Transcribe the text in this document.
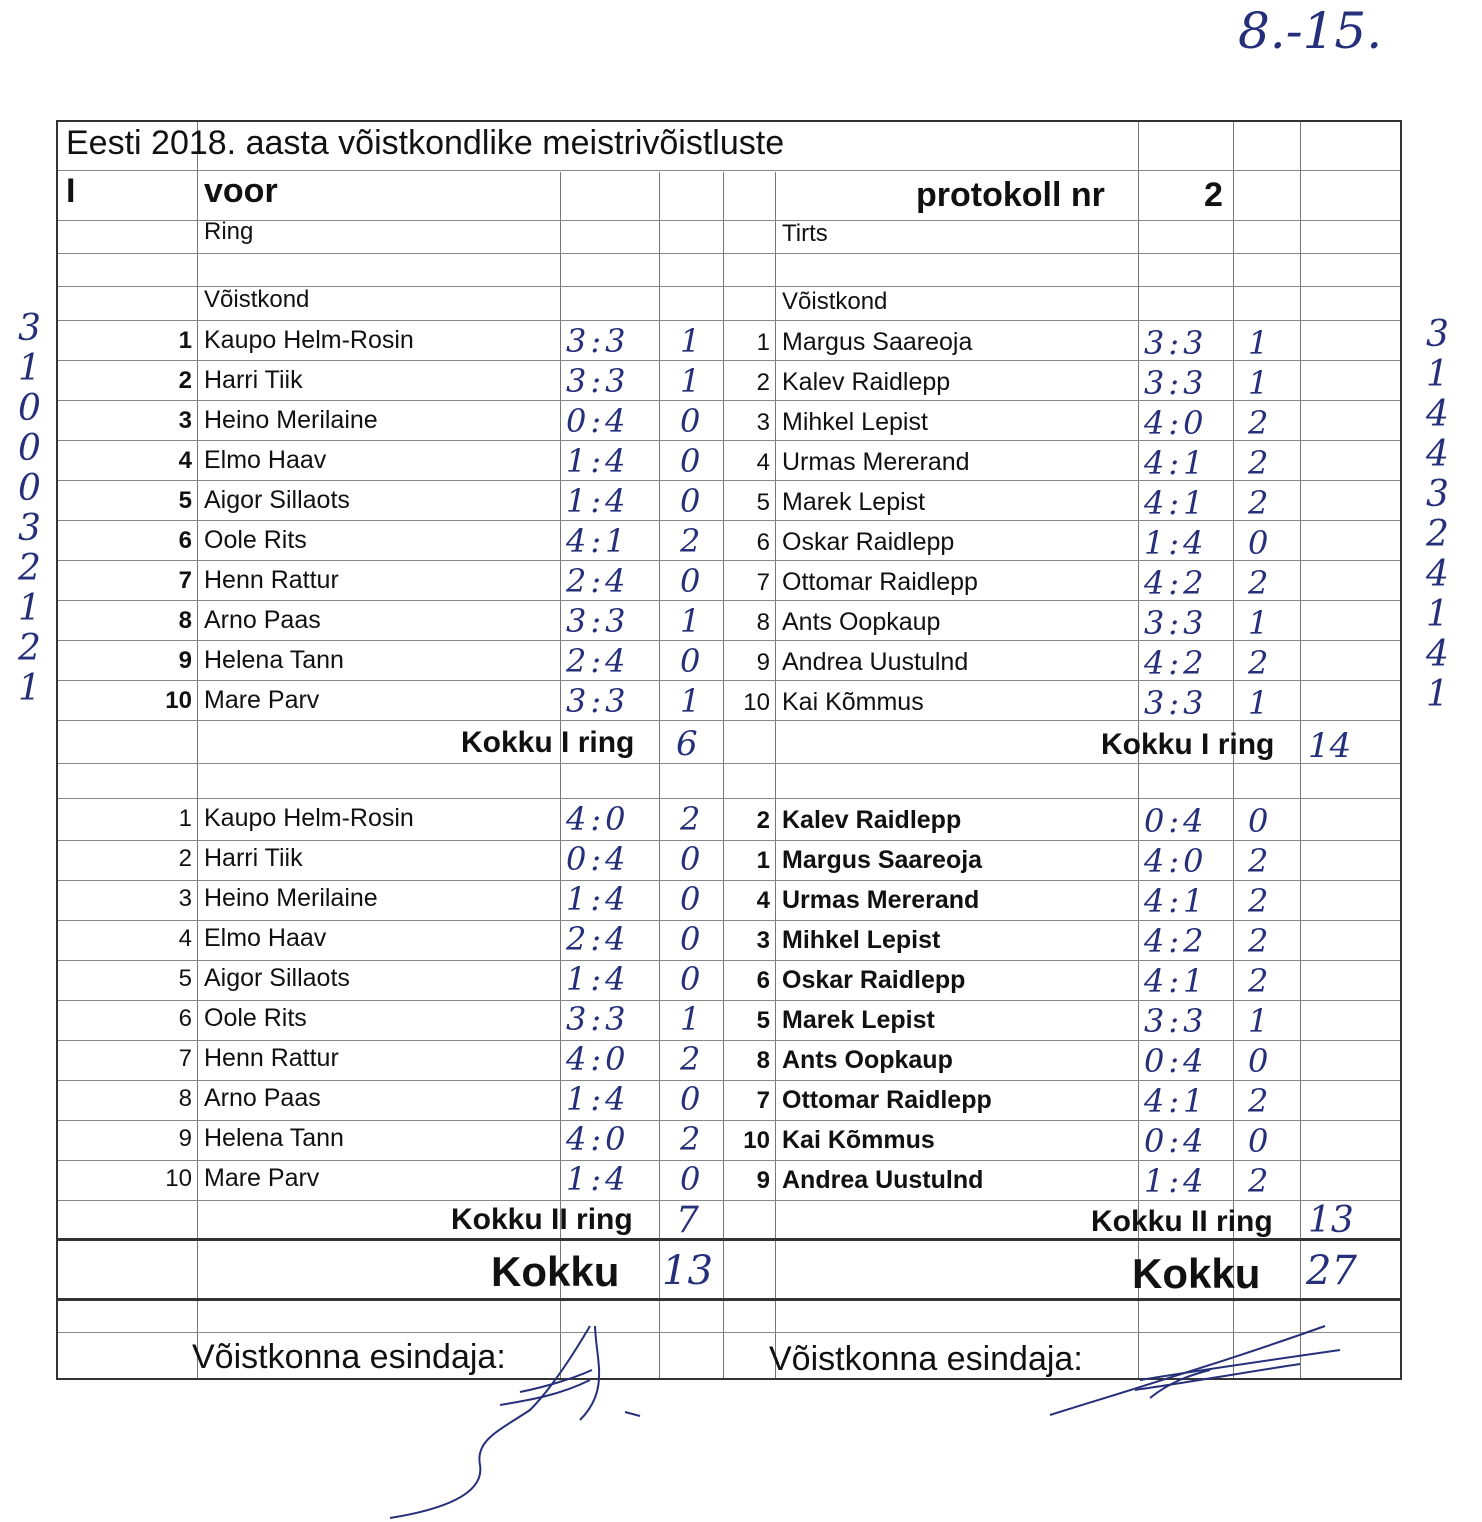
8.-15.
3
1
0
0
0
3
2
1
2
1
3
1
4
4
3
2
4
1
4
1
Eesti 2018. aasta võistkondlike meistrivõistluste
I	voor	protokoll nr	2
Ring	Tirts
Võistkond	Võistkond
1 Kaupo Helm-Rosin	3:3 1
2 Harri Tiik	3:3 1
3 Heino Merilaine	0:4 0
4 Elmo Haav	1:4 0
5 Aigor Sillaots	1:4 0
6 Oole Rits	4:1 2
7 Henn Rattur	2:4 0
8 Arno Paas	3:3 1
9 Helena Tann	2:4 0
10 Mare Parv	3:3 1
1 Margus Saareoja	3:3 1
2 Kalev Raidlepp	3:3 1
3 Mihkel Lepist	4:0 2
4 Urmas Mererand	4:1 2
5 Marek Lepist	4:1 2
6 Oskar Raidlepp	1:4 0
7 Ottomar Raidlepp	4:2 2
8 Ants Oopkaup	3:3 1
9 Andrea Uustulnd	4:2 2
10 Kai Kõmmus	3:3 1
1 Kaupo Helm-Rosin	4:0 2
2 Harri Tiik	0:4 0
3 Heino Merilaine	1:4 0
4 Elmo Haav	2:4 0
5 Aigor Sillaots	1:4 0
6 Oole Rits	3:3 1
7 Henn Rattur	4:0 2
8 Arno Paas	1:4 0
9 Helena Tann	4:0 2
10 Mare Parv	1:4 0
2 Kalev Raidlepp	0:4 0
1 Margus Saareoja	4:0 2
4 Urmas Mererand	4:1 2
3 Mihkel Lepist	4:2 2
6 Oskar Raidlepp	4:1 2
5 Marek Lepist	3:3 1
8 Ants Oopkaup	0:4 0
7 Ottomar Raidlepp	4:1 2
10 Kai Kõmmus	0:4 0
9 Andrea Uustulnd	1:4 2
Kokku I ring 6	Kokku I ring 14
Kokku II ring 7	Kokku II ring 13
Kokku 13	Kokku 27
Võistkonna esindaja:	Võistkonna esindaja:
